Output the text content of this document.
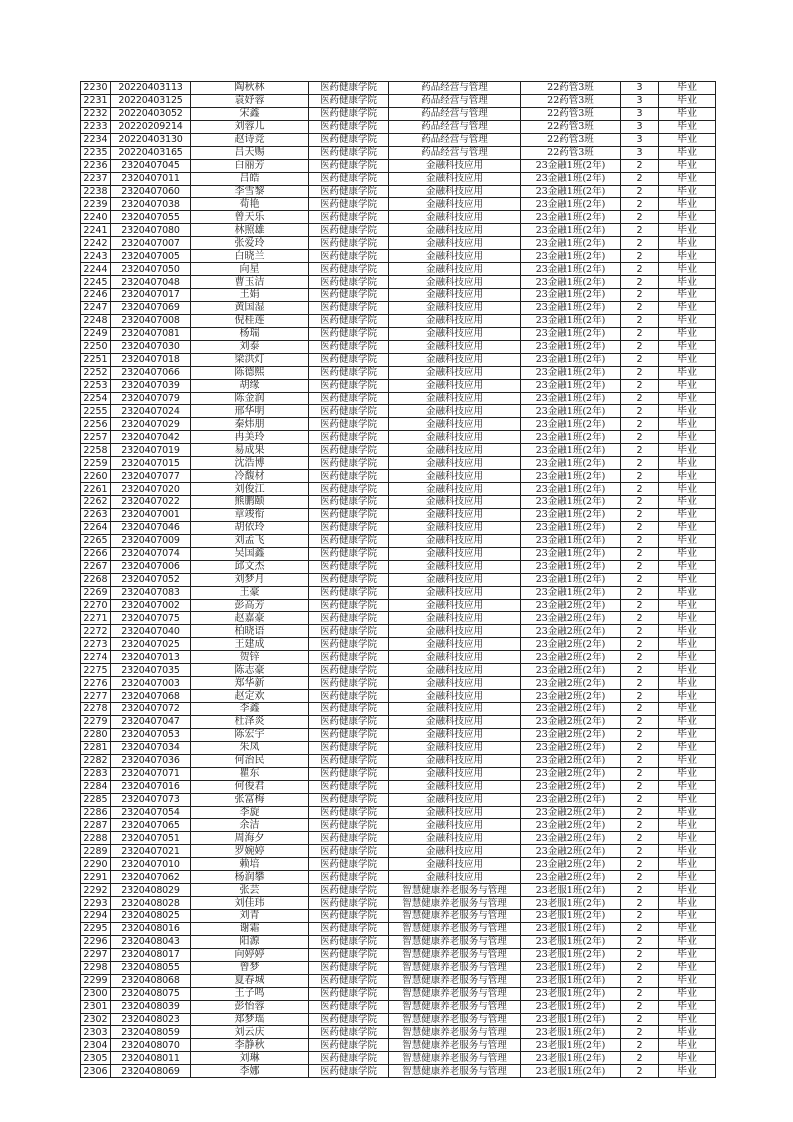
2230	20220403113	陶秋林	医药健康学院	药品经营与管理	22药管3班	3	毕业
2231	20220403125	袁妤蓉	医药健康学院	药品经营与管理	22药管3班	3	毕业
2232	20220403052	宋鑫	医药健康学院	药品经营与管理	22药管3班	3	毕业
2233	20220209214	刘蓉儿	医药健康学院	药品经营与管理	22药管3班	3	毕业
2234	20220403130	赵诗竞	医药健康学院	药品经营与管理	22药管3班	3	毕业
2235	20220403165	吕天赐	医药健康学院	药品经营与管理	22药管3班	3	毕业
2236	2320407045	白丽芳	医药健康学院	金融科技应用	23金融1班(2年)	2	毕业
2237	2320407011	吕皓	医药健康学院	金融科技应用	23金融1班(2年)	2	毕业
2238	2320407060	李雪黎	医药健康学院	金融科技应用	23金融1班(2年)	2	毕业
2239	2320407038	荀艳	医药健康学院	金融科技应用	23金融1班(2年)	2	毕业
2240	2320407055	曾天乐	医药健康学院	金融科技应用	23金融1班(2年)	2	毕业
2241	2320407080	林照雄	医药健康学院	金融科技应用	23金融1班(2年)	2	毕业
2242	2320407007	张爱玲	医药健康学院	金融科技应用	23金融1班(2年)	2	毕业
2243	2320407005	白晓兰	医药健康学院	金融科技应用	23金融1班(2年)	2	毕业
2244	2320407050	向星	医药健康学院	金融科技应用	23金融1班(2年)	2	毕业
2245	2320407048	曹玉洁	医药健康学院	金融科技应用	23金融1班(2年)	2	毕业
2246	2320407017	王娟	医药健康学院	金融科技应用	23金融1班(2年)	2	毕业
2247	2320407069	黄国湿	医药健康学院	金融科技应用	23金融1班(2年)	2	毕业
2248	2320407008	倪桂莲	医药健康学院	金融科技应用	23金融1班(2年)	2	毕业
2249	2320407081	杨瑞	医药健康学院	金融科技应用	23金融1班(2年)	2	毕业
2250	2320407030	刘泰	医药健康学院	金融科技应用	23金融1班(2年)	2	毕业
2251	2320407018	梁洪灯	医药健康学院	金融科技应用	23金融1班(2年)	2	毕业
2252	2320407066	陈德熙	医药健康学院	金融科技应用	23金融1班(2年)	2	毕业
2253	2320407039	胡缘	医药健康学院	金融科技应用	23金融1班(2年)	2	毕业
2254	2320407079	陈金润	医药健康学院	金融科技应用	23金融1班(2年)	2	毕业
2255	2320407024	邢华明	医药健康学院	金融科技应用	23金融1班(2年)	2	毕业
2256	2320407029	秦炜朋	医药健康学院	金融科技应用	23金融1班(2年)	2	毕业
2257	2320407042	冉美玲	医药健康学院	金融科技应用	23金融1班(2年)	2	毕业
2258	2320407019	易成果	医药健康学院	金融科技应用	23金融1班(2年)	2	毕业
2259	2320407015	沈浩博	医药健康学院	金融科技应用	23金融1班(2年)	2	毕业
2260	2320407077	冷馥材	医药健康学院	金融科技应用	23金融1班(2年)	2	毕业
2261	2320407020	刘俊江	医药健康学院	金融科技应用	23金融1班(2年)	2	毕业
2262	2320407022	熊鹏颐	医药健康学院	金融科技应用	23金融1班(2年)	2	毕业
2263	2320407001	章竣衔	医药健康学院	金融科技应用	23金融1班(2年)	2	毕业
2264	2320407046	胡依玲	医药健康学院	金融科技应用	23金融1班(2年)	2	毕业
2265	2320407009	刘孟飞	医药健康学院	金融科技应用	23金融1班(2年)	2	毕业
2266	2320407074	吴国鑫	医药健康学院	金融科技应用	23金融1班(2年)	2	毕业
2267	2320407006	邱文杰	医药健康学院	金融科技应用	23金融1班(2年)	2	毕业
2268	2320407052	刘梦月	医药健康学院	金融科技应用	23金融1班(2年)	2	毕业
2269	2320407083	王豪	医药健康学院	金融科技应用	23金融1班(2年)	2	毕业
2270	2320407002	彭高芳	医药健康学院	金融科技应用	23金融2班(2年)	2	毕业
2271	2320407075	赵嘉豪	医药健康学院	金融科技应用	23金融2班(2年)	2	毕业
2272	2320407040	柏晓语	医药健康学院	金融科技应用	23金融2班(2年)	2	毕业
2273	2320407025	王建成	医药健康学院	金融科技应用	23金融2班(2年)	2	毕业
2274	2320407013	贺锌	医药健康学院	金融科技应用	23金融2班(2年)	2	毕业
2275	2320407035	陈志豪	医药健康学院	金融科技应用	23金融2班(2年)	2	毕业
2276	2320407003	郑华新	医药健康学院	金融科技应用	23金融2班(2年)	2	毕业
2277	2320407068	赵定欢	医药健康学院	金融科技应用	23金融2班(2年)	2	毕业
2278	2320407072	李鑫	医药健康学院	金融科技应用	23金融2班(2年)	2	毕业
2279	2320407047	杜泽炎	医药健康学院	金融科技应用	23金融2班(2年)	2	毕业
2280	2320407053	陈宏宇	医药健康学院	金融科技应用	23金融2班(2年)	2	毕业
2281	2320407034	朱凤	医药健康学院	金融科技应用	23金融2班(2年)	2	毕业
2282	2320407036	何治民	医药健康学院	金融科技应用	23金融2班(2年)	2	毕业
2283	2320407071	瞿东	医药健康学院	金融科技应用	23金融2班(2年)	2	毕业
2284	2320407016	何俊君	医药健康学院	金融科技应用	23金融2班(2年)	2	毕业
2285	2320407073	张富梅	医药健康学院	金融科技应用	23金融2班(2年)	2	毕业
2286	2320407054	李旋	医药健康学院	金融科技应用	23金融2班(2年)	2	毕业
2287	2320407065	余洁	医药健康学院	金融科技应用	23金融2班(2年)	2	毕业
2288	2320407051	周海夕	医药健康学院	金融科技应用	23金融2班(2年)	2	毕业
2289	2320407021	罗婉婷	医药健康学院	金融科技应用	23金融2班(2年)	2	毕业
2290	2320407010	赖培	医药健康学院	金融科技应用	23金融2班(2年)	2	毕业
2291	2320407062	杨润攀	医药健康学院	金融科技应用	23金融2班(2年)	2	毕业
2292	2320408029	张芸	医药健康学院	智慧健康养老服务与管理	23老服1班(2年)	2	毕业
2293	2320408028	刘佳玮	医药健康学院	智慧健康养老服务与管理	23老服1班(2年)	2	毕业
2294	2320408025	刘青	医药健康学院	智慧健康养老服务与管理	23老服1班(2年)	2	毕业
2295	2320408016	谢霜	医药健康学院	智慧健康养老服务与管理	23老服1班(2年)	2	毕业
2296	2320408043	阳源	医药健康学院	智慧健康养老服务与管理	23老服1班(2年)	2	毕业
2297	2320408017	向婷婷	医药健康学院	智慧健康养老服务与管理	23老服1班(2年)	2	毕业
2298	2320408055	曾梦	医药健康学院	智慧健康养老服务与管理	23老服1班(2年)	2	毕业
2299	2320408068	夏春城	医药健康学院	智慧健康养老服务与管理	23老服1班(2年)	2	毕业
2300	2320408075	王子鸣	医药健康学院	智慧健康养老服务与管理	23老服1班(2年)	2	毕业
2301	2320408039	彭怡蓉	医药健康学院	智慧健康养老服务与管理	23老服1班(2年)	2	毕业
2302	2320408023	郑梦瑶	医药健康学院	智慧健康养老服务与管理	23老服1班(2年)	2	毕业
2303	2320408059	刘云庆	医药健康学院	智慧健康养老服务与管理	23老服1班(2年)	2	毕业
2304	2320408070	李静秋	医药健康学院	智慧健康养老服务与管理	23老服1班(2年)	2	毕业
2305	2320408011	刘琳	医药健康学院	智慧健康养老服务与管理	23老服1班(2年)	2	毕业
2306	2320408069	李娜	医药健康学院	智慧健康养老服务与管理	23老服1班(2年)	2	毕业
